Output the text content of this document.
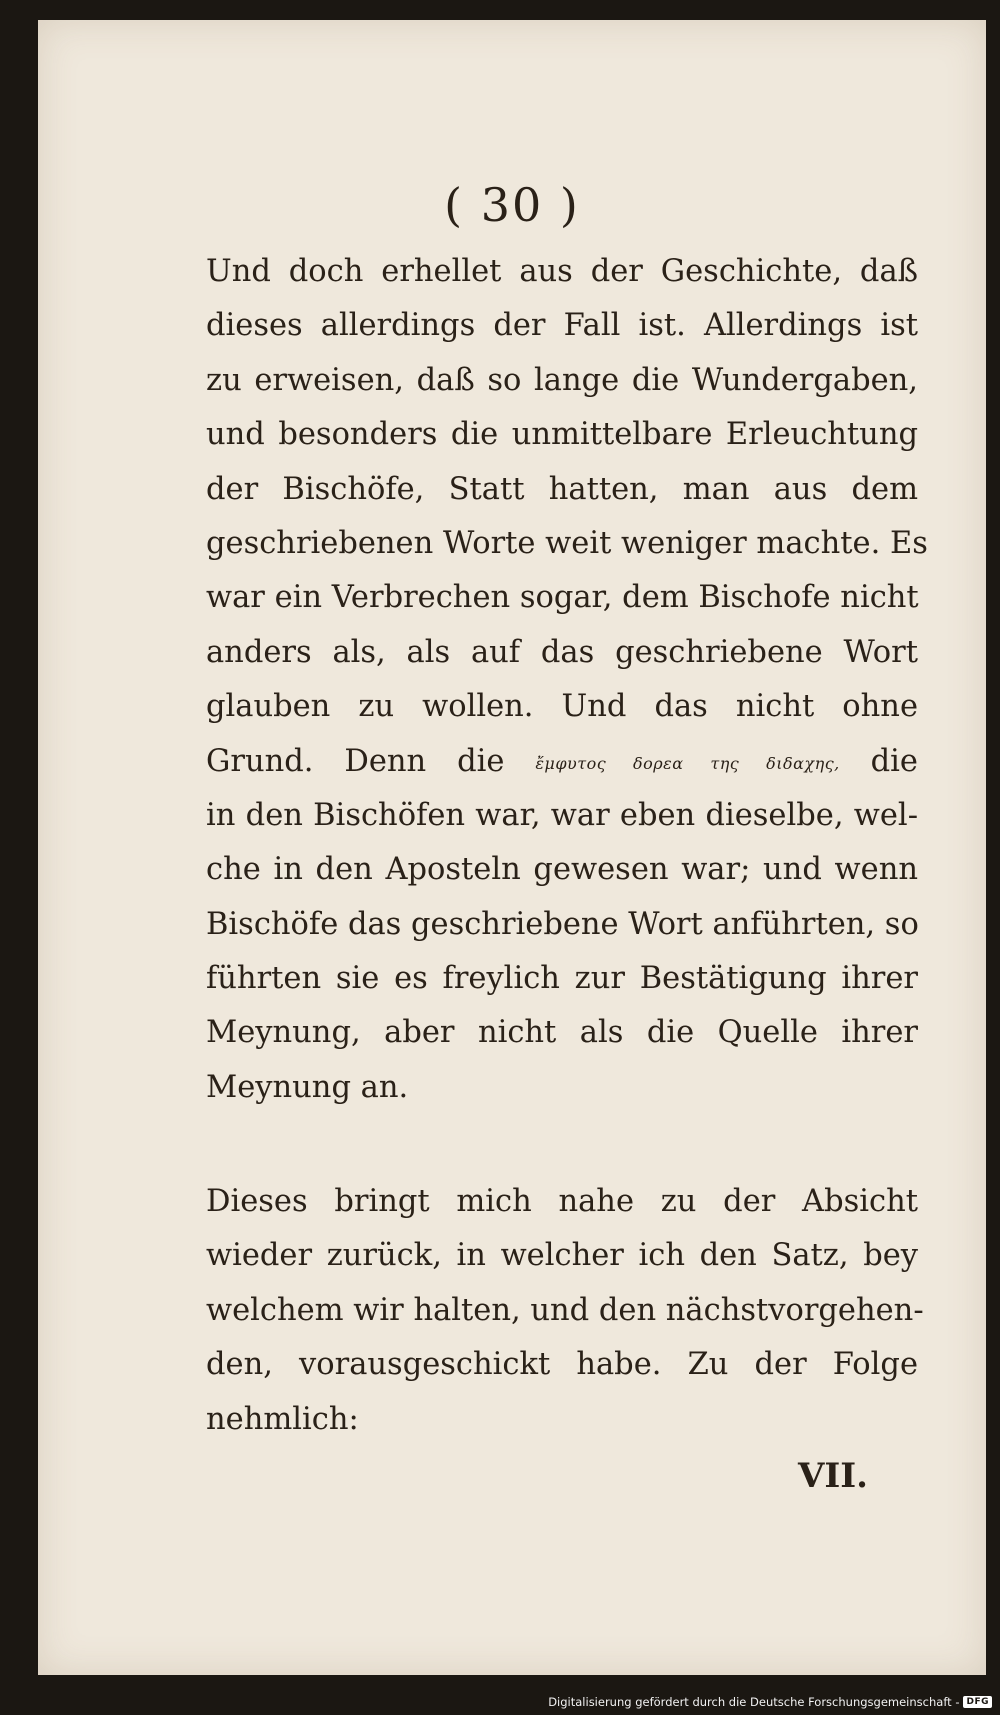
( 30 )
Und doch erhellet aus der Geschichte, daß
dieses allerdings der Fall ist. Allerdings ist
zu erweisen, daß so lange die Wundergaben,
und besonders die unmittelbare Erleuchtung
der Bischöfe, Statt hatten, man aus dem
geschriebenen Worte weit weniger machte. Es
war ein Verbrechen sogar, dem Bischofe nicht
anders als, als auf das geschriebene Wort
glauben zu wollen. Und das nicht ohne
Grund. Denn die ἔμφυτος δορεα της διδαχης, die
in den Bischöfen war, war eben dieselbe, wel-
che in den Aposteln gewesen war; und wenn
Bischöfe das geschriebene Wort anführten, so
führten sie es freylich zur Bestätigung ihrer
Meynung, aber nicht als die Quelle ihrer
Meynung an.
Dieses bringt mich nahe zu der Absicht
wieder zurück, in welcher ich den Satz, bey
welchem wir halten, und den nächstvorgehen-
den, vorausgeschickt habe. Zu der Folge
nehmlich:
VII.
Digitalisierung gefördert durch die Deutsche Forschungsgemeinschaft - DFG
